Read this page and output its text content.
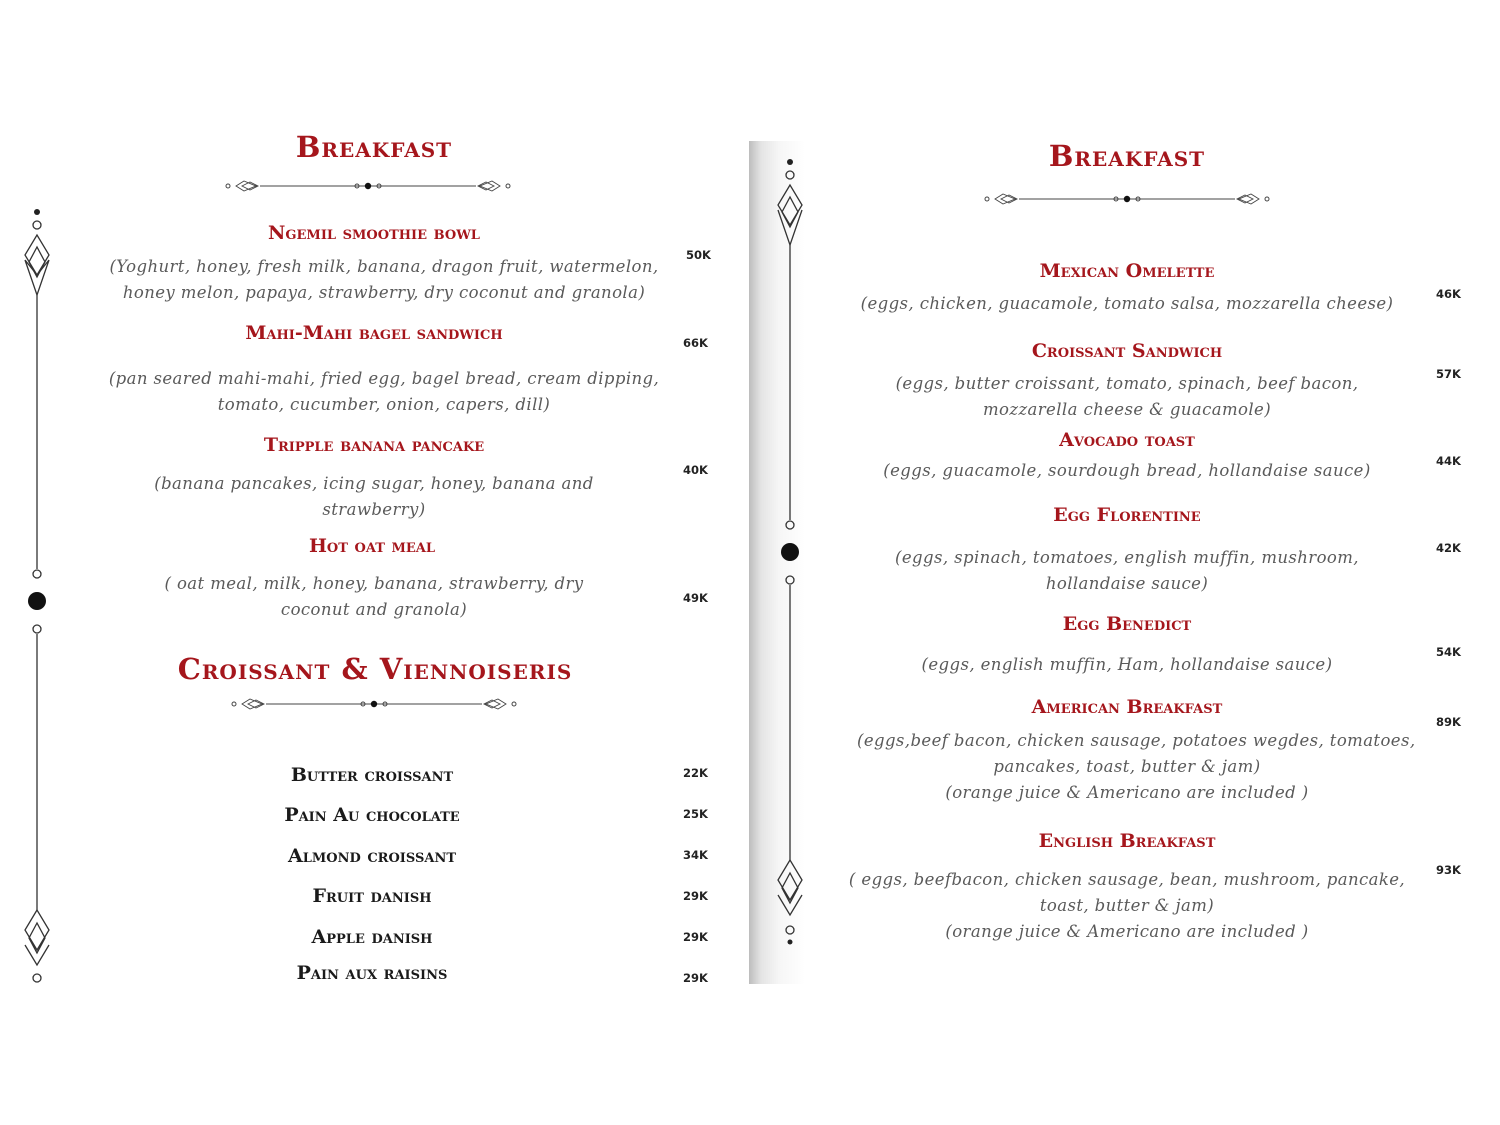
Breakfast
Ngemil smoothie bowl
(Yoghurt, honey, fresh milk, banana, dragon fruit, watermelon,
honey melon, papaya, strawberry, dry coconut and granola)
50K
Mahi-Mahi bagel sandwich
(pan seared mahi-mahi, fried egg, bagel bread, cream dipping,
tomato, cucumber, onion, capers, dill)
66K
Tripple banana pancake
(banana pancakes, icing sugar, honey, banana and
strawberry)
40K
Hot oat meal
( oat meal, milk, honey, banana, strawberry, dry
coconut and granola)
49K
Croissant & Viennoiseris
Butter croissant	22K
Pain Au chocolate	25K
Almond croissant	34K
Fruit danish	29K
Apple danish	29K
Pain aux raisins	29K
Breakfast
Mexican Omelette
(eggs, chicken, guacamole, tomato salsa, mozzarella cheese)	46K
Croissant Sandwich
(eggs, butter croissant, tomato, spinach, beef bacon,
mozzarella cheese & guacamole)
57K
Avocado toast
(eggs, guacamole, sourdough bread, hollandaise sauce)	44K
Egg Florentine
(eggs, spinach, tomatoes, english muffin, mushroom,
hollandaise sauce)
42K
Egg Benedict
(eggs, english muffin, Ham, hollandaise sauce)
54K
American Breakfast
(eggs,beef bacon, chicken sausage, potatoes wegdes, tomatoes,
pancakes, toast, butter & jam)
(orange juice & Americano are included )
89K
English Breakfast
( eggs, beefbacon, chicken sausage, bean, mushroom, pancake,
toast, butter & jam)
(orange juice & Americano are included )
93K
